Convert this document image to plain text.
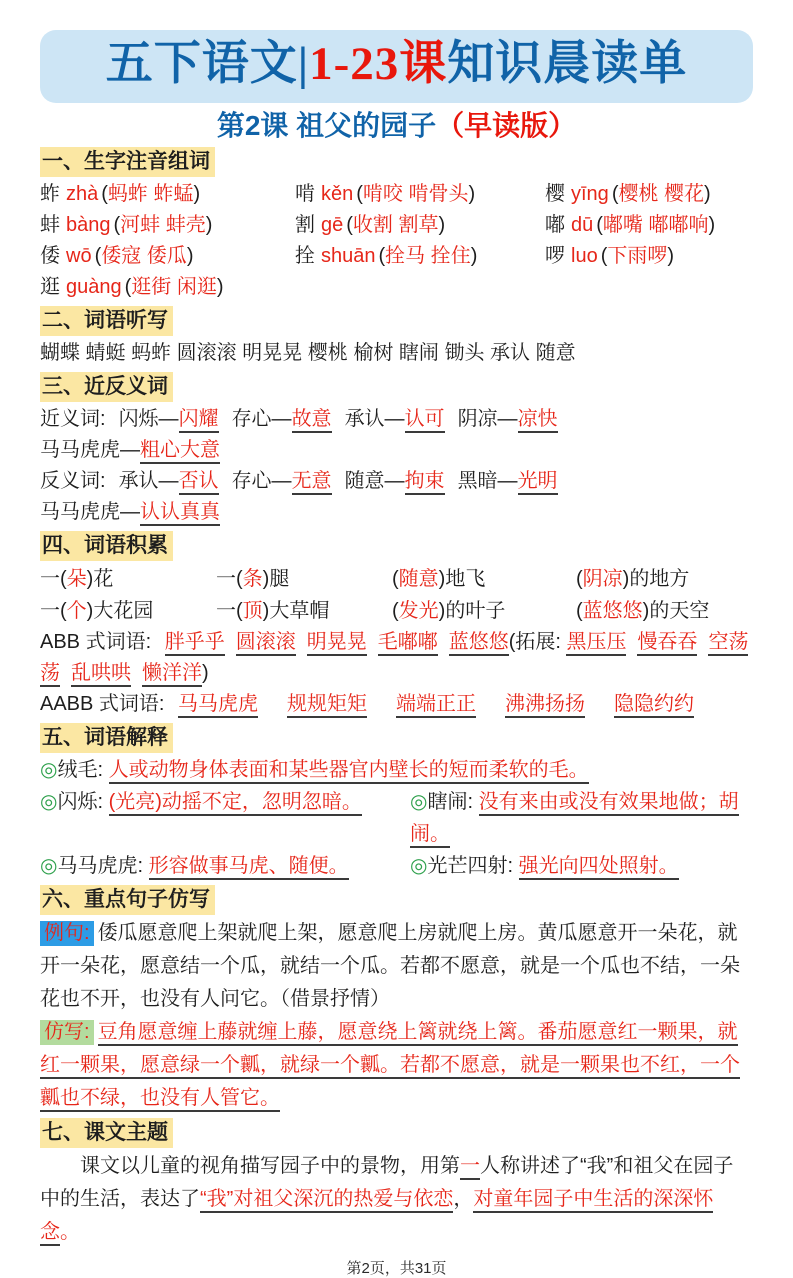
五下语文|1-23课知识晨读单
第2课 祖父的园子（早读版）
一、生字注音组词
蚱 zhà (蚂蚱 蚱蜢)	啃 kěn (啃咬 啃骨头)	樱 yīng (樱桃 樱花)
蚌 bàng (河蚌 蚌壳)	割 gē (收割 割草)	嘟 dū (嘟嘴 嘟嘟响)
倭 wō (倭寇 倭瓜)	拴 shuān (拴马 拴住)	啰 luo (下雨啰)
逛 guàng (逛街 闲逛)
二、词语听写
蝴蝶 蜻蜓 蚂蚱 圆滚滚 明晃晃 樱桃 榆树 瞎闹 锄头 承认 随意
三、近反义词
近义词:闪烁—闪耀 存心—故意 承认—认可 阴凉—凉快马马虎虎—粗心大意
反义词:承认—否认 存心—无意 随意—拘束 黑暗—光明马马虎虎—认认真真
四、词语积累
一(朵)花	一(条)腿	(随意)地飞	(阴凉)的地方
一(个)大花园	一(顶)大草帽	(发光)的叶子	(蓝悠悠)的天空
ABB 式词语: 胖乎乎 圆滚滚 明晃晃 毛嘟嘟 蓝悠悠(拓展: 黑压压 慢吞吞 空荡荡 乱哄哄 懒洋洋)
AABB 式词语: 马马虎虎 规规矩矩 端端正正 沸沸扬扬 隐隐约约
五、词语解释
◎绒毛: 人或动物身体表面和某些器官内壁长的短而柔软的毛。
◎闪烁: (光亮)动摇不定，忽明忽暗。	◎瞎闹: 没有来由或没有效果地做；胡闹。
◎马马虎虎: 形容做事马虎、随便。	◎光芒四射: 强光向四处照射。
六、重点句子仿写
例句: 倭瓜愿意爬上架就爬上架，愿意爬上房就爬上房。黄瓜愿意开一朵花，就开一朵花，愿意结一个瓜，就结一个瓜。若都不愿意，就是一个瓜也不结，一朵花也不开，也没有人问它。（借景抒情）
仿写: 豆角愿意缠上藤就缠上藤，愿意绕上篱就绕上篱。番茄愿意红一颗果，就红一颗果，愿意绿一个瓤，就绿一个瓤。若都不愿意，就是一颗果也不红，一个瓤也不绿，也没有人管它。
七、课文主题
课文以儿童的视角描写园子中的景物，用第一人称讲述了“我”和祖父在园子中的生活，表达了“我”对祖父深沉的热爱与依恋，对童年园子中生活的深深怀念。
第2页，共31页
